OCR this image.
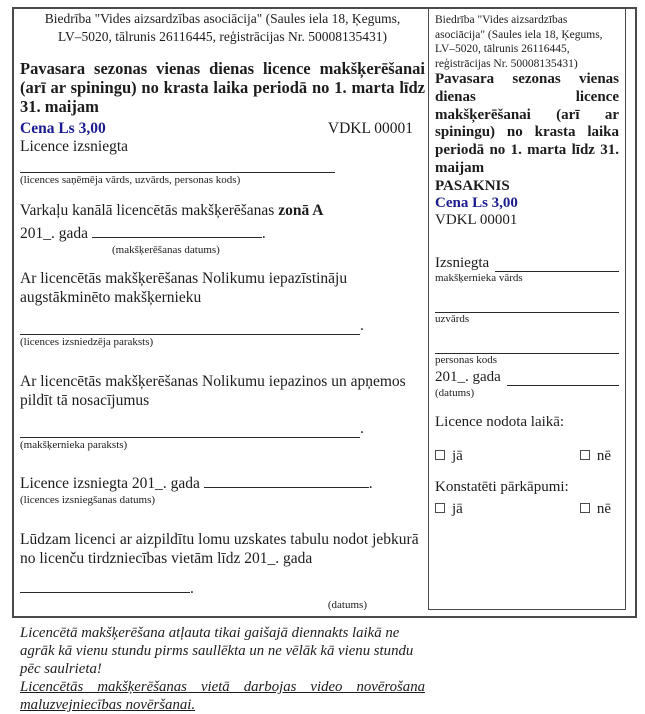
Biedrība "Vides aizsardzības asociācija" (Saules iela 18, Ķegums, LV–5020, tālrunis 26116445, reģistrācijas Nr. 50008135431)

Pavasara sezonas vienas dienas licence makšķerēšanai (arī ar spiningu) no krasta laika periodā no 1. marta līdz 31. maijam

Cena Ls 3,00	VDKL 00001

Licence izsniegta

(licences saņēmēja vārds, uzvārds, personas kods)

Varkaļu kanālā licencētās makšķerēšanas zonā A

201_. gada	.

(makšķerēšanas datums)

Ar licencētās makšķerēšanas Nolikumu iepazīstināju augstākminēto makšķernieku

.

(licences izsniedzēja paraksts)

Ar licencētās makšķerēšanas Nolikumu iepazinos un apņemos pildīt tā nosacījumus

.

(makšķernieka paraksts)

Licence izsniegta 201_. gada	.

(licences izsniegšanas datums)

Lūdzam licenci ar aizpildītu lomu uzskates tabulu nodot jebkurā no licenču tirdzniecības vietām līdz 201_. gada

.

(datums)

Licencētā makšķerēšana atļauta tikai gaišajā diennakts laikā ne agrāk kā vienu stundu pirms saullēkta un ne vēlāk kā vienu stundu pēc saulrieta!

Licencētās makšķerēšanas vietā darbojas video novērošana maluzvejniecības novēršanai.

Biedrība "Vides aizsardzības asociācija" (Saules iela 18, Ķegums, LV–5020, tālrunis 26116445, reģistrācijas Nr. 50008135431)

Pavasara sezonas vienas dienas licence makšķerēšanai (arī ar spiningu) no krasta laika periodā no 1. marta līdz 31. maijam

PASAKNIS

Cena Ls 3,00

VDKL 00001

Izsniegta

makšķernieka vārds

uzvārds

personas kods

201_. gada

(datums)

Licence nodota laikā:

jā	nē

Konstatēti pārkāpumi:

jā	nē
